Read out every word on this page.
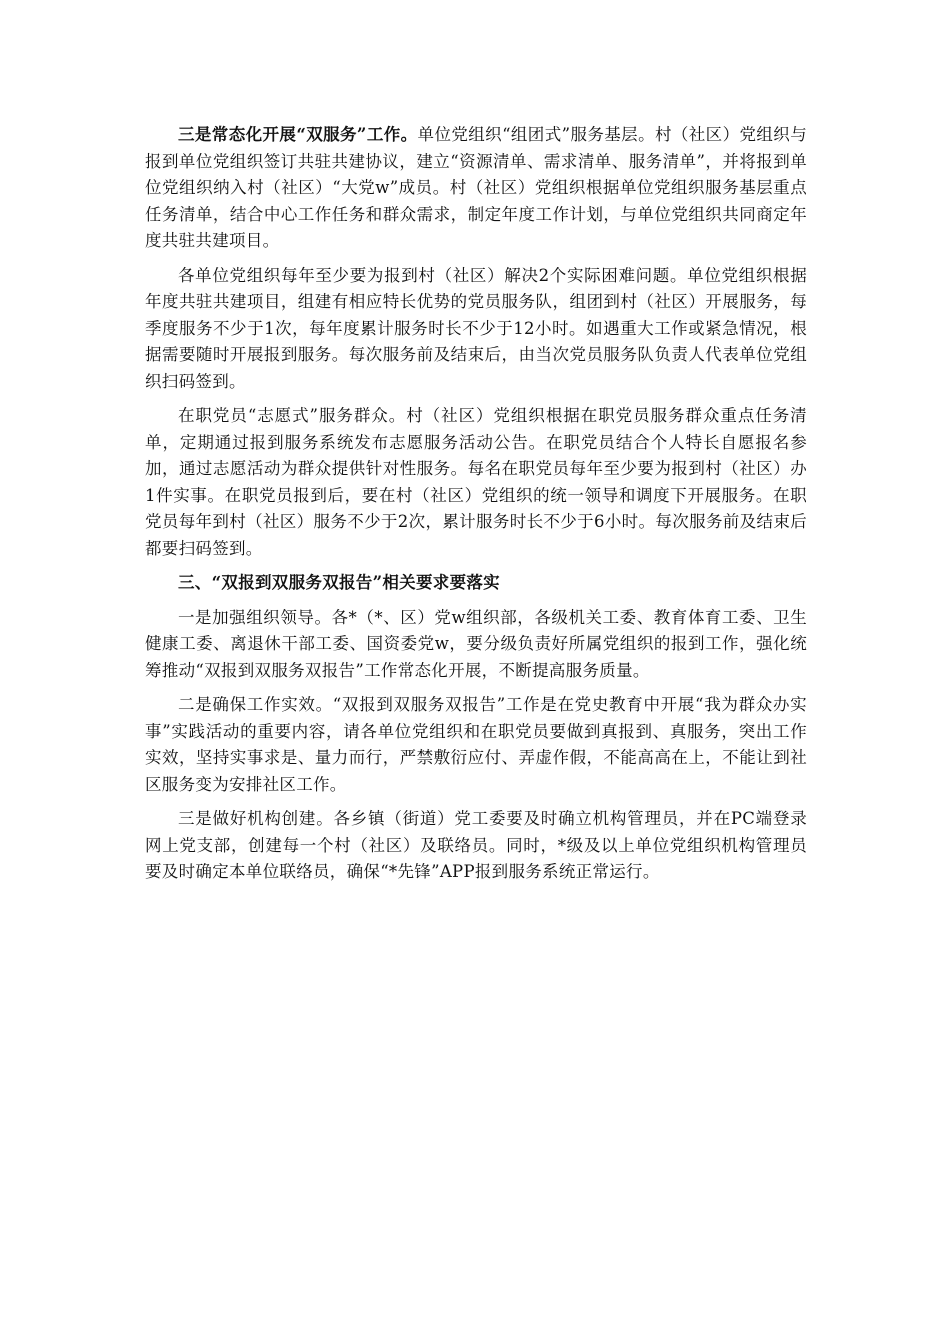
三是常态化开展“双服务”工作。单位党组织“组团式”服务基层。村（社区）党组织与报到单位党组织签订共驻共建协议，建立“资源清单、需求清单、服务清单”，并将报到单位党组织纳入村（社区）“大党w”成员。村（社区）党组织根据单位党组织服务基层重点任务清单，结合中心工作任务和群众需求，制定年度工作计划，与单位党组织共同商定年度共驻共建项目。

各单位党组织每年至少要为报到村（社区）解决2个实际困难问题。单位党组织根据年度共驻共建项目，组建有相应特长优势的党员服务队，组团到村（社区）开展服务，每季度服务不少于1次，每年度累计服务时长不少于12小时。如遇重大工作或紧急情况，根据需要随时开展报到服务。每次服务前及结束后，由当次党员服务队负责人代表单位党组织扫码签到。

在职党员“志愿式”服务群众。村（社区）党组织根据在职党员服务群众重点任务清单，定期通过报到服务系统发布志愿服务活动公告。在职党员结合个人特长自愿报名参加，通过志愿活动为群众提供针对性服务。每名在职党员每年至少要为报到村（社区）办1件实事。在职党员报到后，要在村（社区）党组织的统一领导和调度下开展服务。在职党员每年到村（社区）服务不少于2次，累计服务时长不少于6小时。每次服务前及结束后都要扫码签到。

三、“双报到双服务双报告”相关要求要落实

一是加强组织领导。各*（*、区）党w组织部，各级机关工委、教育体育工委、卫生健康工委、离退休干部工委、国资委党w，要分级负责好所属党组织的报到工作，强化统筹推动“双报到双服务双报告”工作常态化开展，不断提高服务质量。

二是确保工作实效。“双报到双服务双报告”工作是在党史教育中开展“我为群众办实事”实践活动的重要内容，请各单位党组织和在职党员要做到真报到、真服务，突出工作实效，坚持实事求是、量力而行，严禁敷衍应付、弄虚作假，不能高高在上，不能让到社区服务变为安排社区工作。

三是做好机构创建。各乡镇（街道）党工委要及时确立机构管理员，并在PC端登录网上党支部，创建每一个村（社区）及联络员。同时，*级及以上单位党组织机构管理员要及时确定本单位联络员，确保“*先锋”APP报到服务系统正常运行。
